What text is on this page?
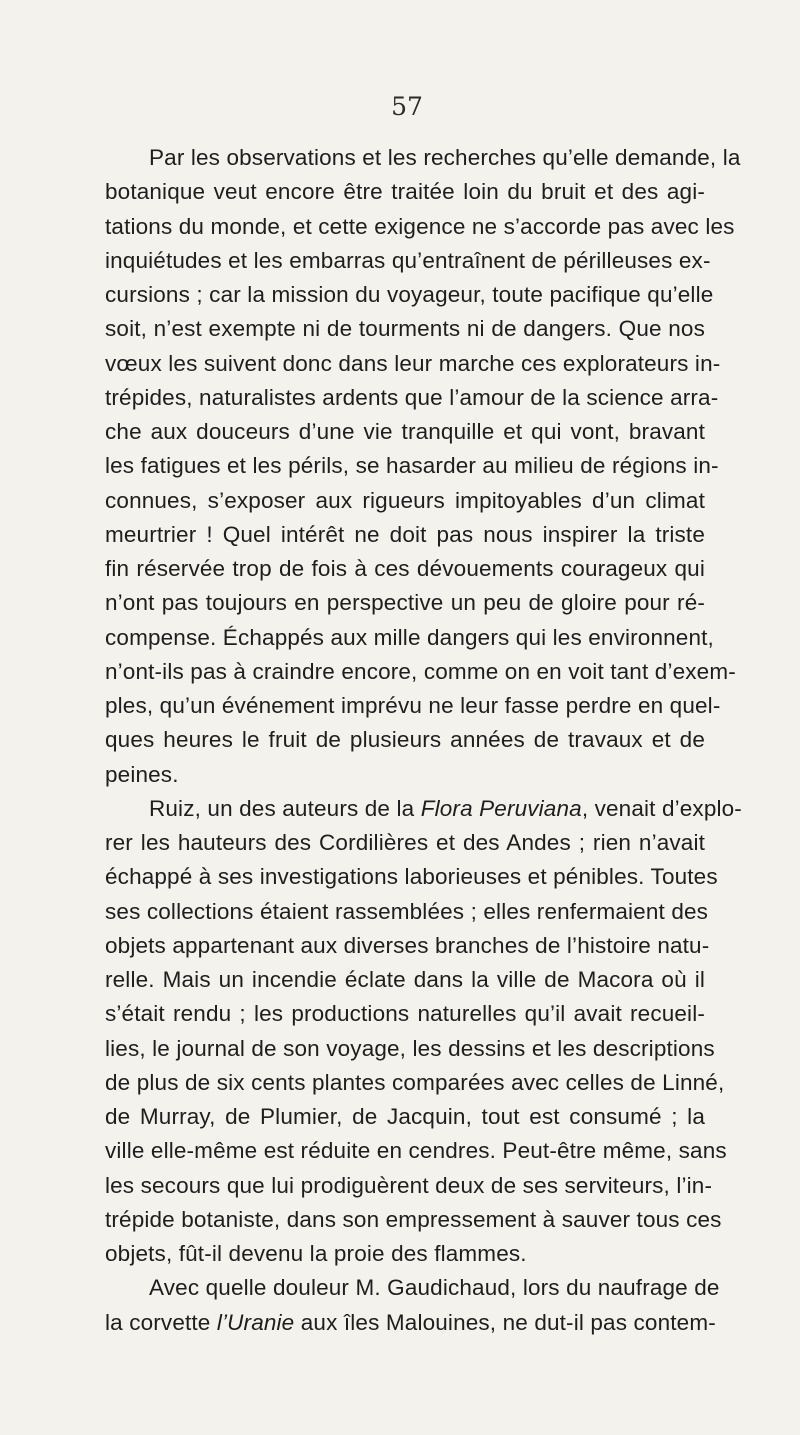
57
Par les observations et les recherches qu’elle demande, la
botanique veut encore être traitée loin du bruit et des agi-
tations du monde, et cette exigence ne s’accorde pas avec les
inquiétudes et les embarras qu’entraînent de périlleuses ex-
cursions ; car la mission du voyageur, toute pacifique qu’elle
soit, n’est exempte ni de tourments ni de dangers. Que nos
vœux les suivent donc dans leur marche ces explorateurs in-
trépides, naturalistes ardents que l’amour de la science arra-
che aux douceurs d’une vie tranquille et qui vont, bravant
les fatigues et les périls, se hasarder au milieu de régions in-
connues, s’exposer aux rigueurs impitoyables d’un climat
meurtrier ! Quel intérêt ne doit pas nous inspirer la triste
fin réservée trop de fois à ces dévouements courageux qui
n’ont pas toujours en perspective un peu de gloire pour ré-
compense. Échappés aux mille dangers qui les environnent,
n’ont-ils pas à craindre encore, comme on en voit tant d’exem-
ples, qu’un événement imprévu ne leur fasse perdre en quel-
ques heures le fruit de plusieurs années de travaux et de
peines.
Ruiz, un des auteurs de la Flora Peruviana, venait d’explo-
rer les hauteurs des Cordilières et des Andes ; rien n’avait
échappé à ses investigations laborieuses et pénibles. Toutes
ses collections étaient rassemblées ; elles renfermaient des
objets appartenant aux diverses branches de l’histoire natu-
relle. Mais un incendie éclate dans la ville de Macora où il
s’était rendu ; les productions naturelles qu’il avait recueil-
lies, le journal de son voyage, les dessins et les descriptions
de plus de six cents plantes comparées avec celles de Linné,
de Murray, de Plumier, de Jacquin, tout est consumé ; la
ville elle-même est réduite en cendres. Peut-être même, sans
les secours que lui prodiguèrent deux de ses serviteurs, l’in-
trépide botaniste, dans son empressement à sauver tous ces
objets, fût-il devenu la proie des flammes.
Avec quelle douleur M. Gaudichaud, lors du naufrage de
la corvette l’Uranie aux îles Malouines, ne dut-il pas contem-
